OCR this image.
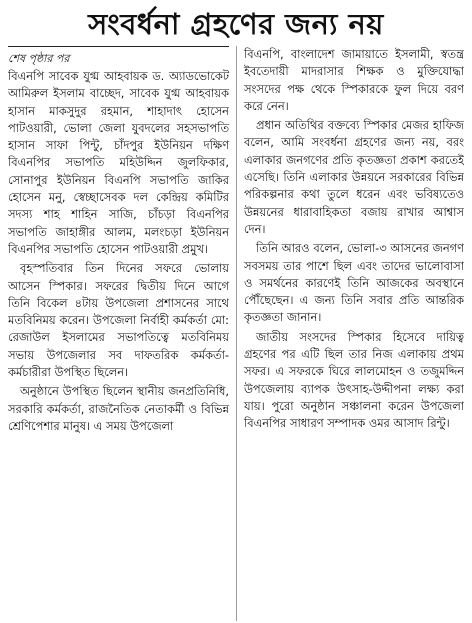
সংবর্ধনা গ্রহণের জন্য নয়
শেষ পৃষ্ঠার পর

বিএনপি সাবেক যুগ্ম আহবায়ক ড. অ্যাডভোকেট আমিরুল ইসলাম বাচ্ছেদ, সাবেক যুগ্ম আহবায়ক হাসান মাকসুদুর রহমান, শাহাদাৎ হোসেন পাটওয়ারী, ভোলা জেলা যুবদলের সহসভাপতি হাসান সাফা পিন্টু, চাঁদপুর ইউনিয়ন দক্ষিণ বিএনপির সভাপতি মহিউদ্দিন জুলফিকার, সোনাপুর ইউনিয়ন বিএনপি সভাপতি জাকির হোসেন মনু, স্বেচ্ছাসেবক দল কেন্দ্রিয় কমিটির সদস্য শাহ শাহিন সাজি, চাঁচড়া বিএনপির সভাপতি জাহাঙ্গীর আলম, মলংচড়া ইউনিয়ন বিএনপির সভাপতি হোসেন পাটওয়ারী প্রমুখ।

বৃহস্পতিবার তিন দিনের সফরে ভোলায় আসেন স্পিকার। সফরের দ্বিতীয় দিনে আগে তিনি বিকেল ৪টায় উপজেলা প্রশাসনের সাথে মতবিনিময় করেন। উপজেলা নির্বাহী কর্মকর্তা মো: রেজাউল ইসলামের সভাপতিত্বে মতবিনিময় সভায় উপজেলার সব দাফতরিক কর্মকর্তা-কর্মচারীরা উপস্থিত ছিলেন।

অনুষ্ঠানে উপস্থিত ছিলেন স্থানীয় জনপ্রতিনিধি, সরকারি কর্মকর্তা, রাজনৈতিক নেতাকর্মী ও বিভিন্ন শ্রেণিপেশার মানুষ। এ সময় উপজেলা

বিএনপি, বাংলাদেশ জামায়াতে ইসলামী, স্বতন্ত্র ইবতেদায়ী মাদরাসার শিক্ষক ও মুক্তিযোদ্ধা সংসদের পক্ষ থেকে স্পিকারকে ফুল দিয়ে বরণ করে নেন।

প্রধান অতিথির বক্তব্যে স্পিকার মেজর হাফিজ বলেন, আমি সংবর্ধনা গ্রহণের জন্য নয়, বরং এলাকার জনগণের প্রতি কৃতজ্ঞতা প্রকাশ করতেই এসেছি। তিনি এলাকার উন্নয়নে সরকারের বিভিন্ন পরিকল্পনার কথা তুলে ধরেন এবং ভবিষ্যতেও উন্নয়নের ধারাবাহিকতা বজায় রাখার আশ্বাস দেন।

তিনি আরও বলেন, ভোলা-৩ আসনের জনগণ সবসময় তার পাশে ছিল এবং তাদের ভালোবাসা ও সমর্থনের কারণেই তিনি আজকের অবস্থানে পৌঁছেছেন। এ জন্য তিনি সবার প্রতি আন্তরিক কৃতজ্ঞতা জানান।

জাতীয় সংসদের স্পিকার হিসেবে দায়িত্ব গ্রহণের পর এটি ছিল তার নিজ এলাকায় প্রথম সফর। এ সফরকে ঘিরে লালমোহন ও তজুমদ্দিন উপজেলায় ব্যাপক উৎসাহ-উদ্দীপনা লক্ষ্য করা যায়। পুরো অনুষ্ঠান সঞ্চালনা করেন উপজেলা বিএনপির সাধারণ সম্পাদক ওমর আসাদ রিন্টু।
